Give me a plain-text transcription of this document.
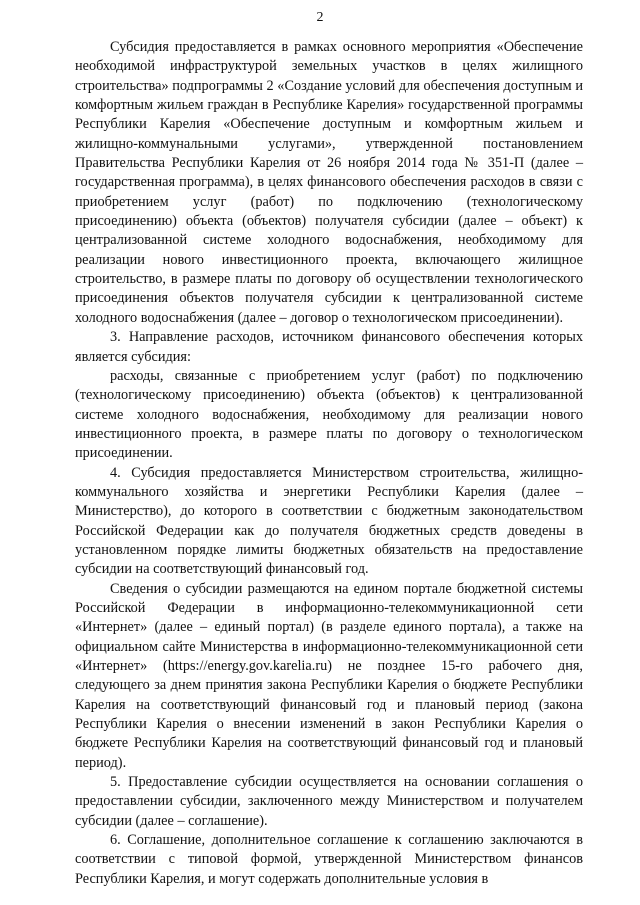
2

Субсидия предоставляется в рамках основного мероприятия «Обеспечение необходимой инфраструктурой земельных участков в целях жилищного строительства» подпрограммы 2 «Создание условий для обеспечения доступным и комфортным жильем граждан в Республике Карелия» государственной программы Республики Карелия «Обеспечение доступным и комфортным жильем и жилищно-коммунальными услугами», утвержденной постановлением Правительства Республики Карелия от 26 ноября 2014 года № 351-П (далее – государственная программа), в целях финансового обеспечения расходов в связи с приобретением услуг (работ) по подключению (технологическому присоединению) объекта (объектов) получателя субсидии (далее – объект) к централизованной системе холодного водоснабжения, необходимому для реализации нового инвестиционного проекта, включающего жилищное строительство, в размере платы по договору об осуществлении технологического присоединения объектов получателя субсидии к централизованной системе холодного водоснабжения (далее – договор о технологическом присоединении).

3. Направление расходов, источником финансового обеспечения которых является субсидия:

расходы, связанные с приобретением услуг (работ) по подключению (технологическому присоединению) объекта (объектов) к централизованной системе холодного водоснабжения, необходимому для реализации нового инвестиционного проекта, в размере платы по договору о технологическом присоединении.

4. Субсидия предоставляется Министерством строительства, жилищно-коммунального хозяйства и энергетики Республики Карелия (далее – Министерство), до которого в соответствии с бюджетным законодательством Российской Федерации как до получателя бюджетных средств доведены в установленном порядке лимиты бюджетных обязательств на предоставление субсидии на соответствующий финансовый год.

Сведения о субсидии размещаются на едином портале бюджетной системы Российской Федерации в информационно-телекоммуникационной сети «Интернет» (далее – единый портал) (в разделе единого портала), а также на официальном сайте Министерства в информационно-телекоммуникационной сети «Интернет» (https://energy.gov.karelia.ru) не позднее 15-го рабочего дня, следующего за днем принятия закона Республики Карелия о бюджете Республики Карелия на соответствующий финансовый год и плановый период (закона Республики Карелия о внесении изменений в закон Республики Карелия о бюджете Республики Карелия на соответствующий финансовый год и плановый период).

5. Предоставление субсидии осуществляется на основании соглашения о предоставлении субсидии, заключенного между Министерством и получателем субсидии (далее – соглашение).

6. Соглашение, дополнительное соглашение к соглашению заключаются в соответствии с типовой формой, утвержденной Министерством финансов Республики Карелия, и могут содержать дополнительные условия в
